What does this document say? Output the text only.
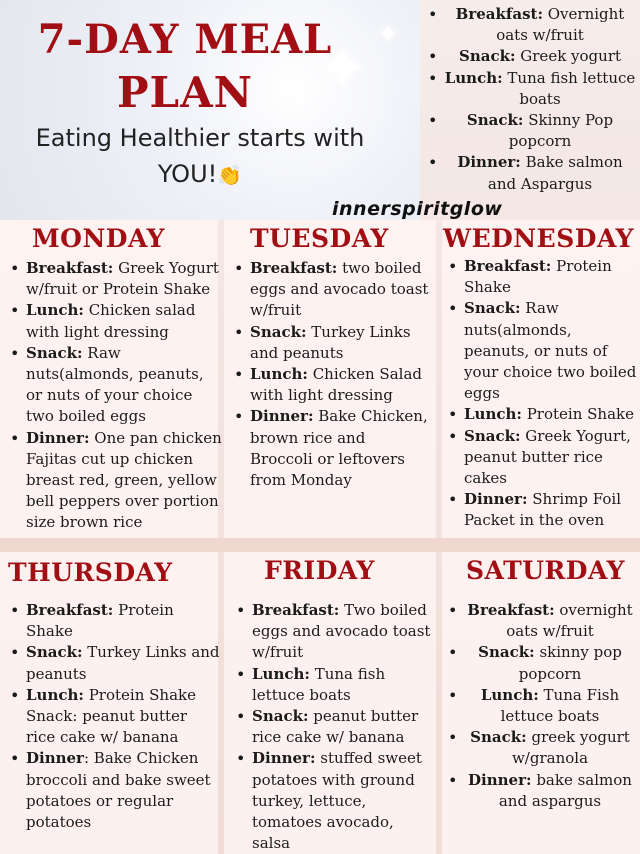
7-DAY MEAL
PLAN
Eating Healthier starts with
YOU!👏
✦ ✦
✦
innerspiritglow
• Breakfast: Overnight oats w/fruit
• Snack: Greek yogurt
• Lunch: Tuna fish lettuce boats
• Snack: Skinny Pop popcorn
• Dinner: Bake salmon and Aspargus
MONDAY	TUESDAY WEDNESDAY
THURSDAY	FRIDAY	SATURDAY
• Breakfast: Greek Yogurt w/fruit or Protein Shake
• Lunch: Chicken salad with light dressing
• Snack: Raw nuts(almonds, peanuts, or nuts of your choice two boiled eggs
• Dinner: One pan chicken Fajitas cut up chicken breast red, green, yellow bell peppers over portion size brown rice
• Breakfast: two boiled eggs and avocado toast w/fruit
• Snack: Turkey Links and peanuts
• Lunch: Chicken Salad with light dressing
• Dinner: Bake Chicken, brown rice and Broccoli or leftovers from Monday
• Breakfast: Protein Shake
• Snack: Raw nuts(almonds, peanuts, or nuts of your choice two boiled eggs
• Lunch: Protein Shake
• Snack: Greek Yogurt, peanut butter rice cakes
• Dinner: Shrimp Foil Packet in the oven
• Breakfast: Protein Shake
• Snack: Turkey Links and peanuts
• Lunch: Protein Shake Snack: peanut butter rice cake w/ banana
• Dinner: Bake Chicken broccoli and bake sweet potatoes or regular potatoes
• Breakfast: Two boiled eggs and avocado toast w/fruit
• Lunch: Tuna fish lettuce boats
• Snack: peanut butter rice cake w/ banana
• Dinner: stuffed sweet potatoes with ground turkey, lettuce, tomatoes avocado, salsa
• Breakfast: overnight oats w/fruit
• Snack: skinny pop popcorn
• Lunch: Tuna Fish lettuce boats
• Snack: greek yogurt w/granola
• Dinner: bake salmon and aspargus
